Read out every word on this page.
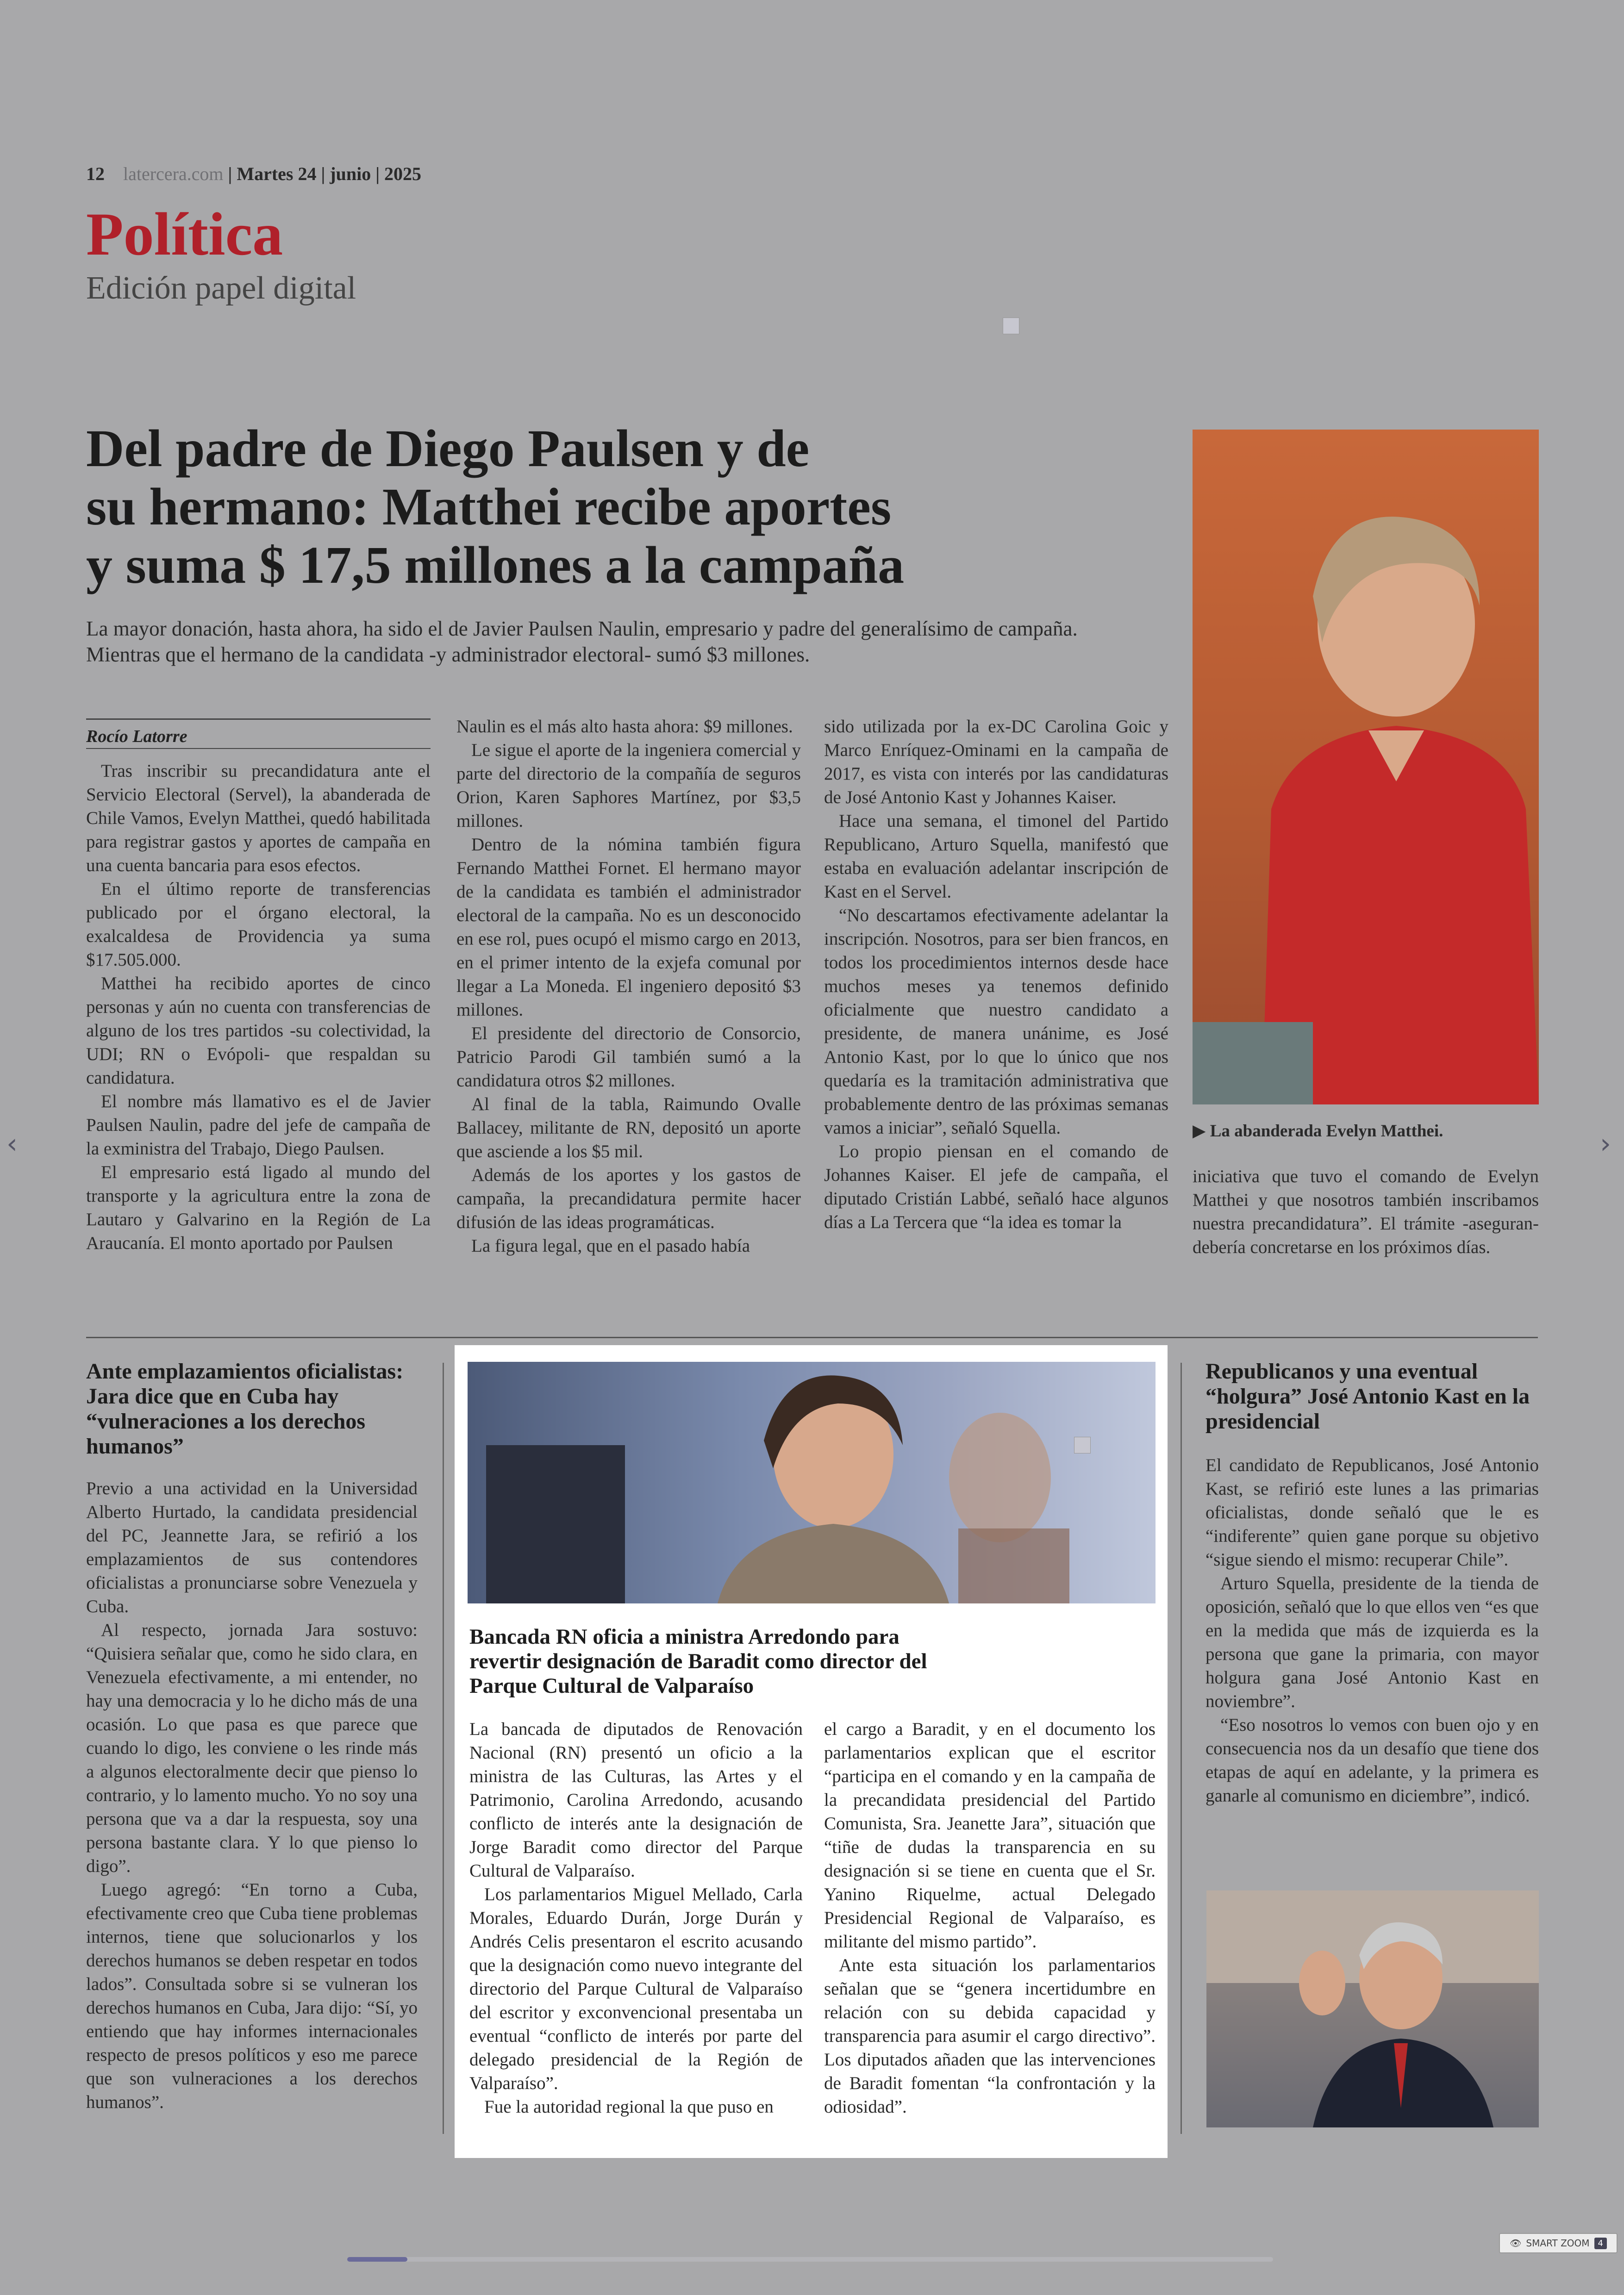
12 latercera.com | Martes 24 | junio | 2025
Política
Edición papel digital
Del padre de Diego Paulsen y de
su hermano: Matthei recibe aportes
y suma $ 17,5 millones a la campaña
La mayor donación, hasta ahora, ha sido el de Javier Paulsen Naulin, empresario y padre del generalísimo de campaña. Mientras que el hermano de la candidata -y administrador electoral- sumó $3 millones.
Rocío Latorre

Tras inscribir su precandidatura ante el Servicio Electoral (Servel), la abanderada de Chile Vamos, Evelyn Matthei, quedó habilitada para registrar gastos y aportes de campaña en una cuenta bancaria para esos efectos.

En el último reporte de transferencias publicado por el órgano electoral, la exalcaldesa de Providencia ya suma $17.505.000.

Matthei ha recibido aportes de cinco personas y aún no cuenta con transferencias de alguno de los tres partidos -su colectividad, la UDI; RN o Evópoli- que respaldan su candidatura.

El nombre más llamativo es el de Javier Paulsen Naulin, padre del jefe de campaña de la exministra del Trabajo, Diego Paulsen.

El empresario está ligado al mundo del transporte y la agricultura entre la zona de Lautaro y Galvarino en la Región de La Araucanía. El monto aportado por Paulsen

Naulin es el más alto hasta ahora: $9 millones.

Le sigue el aporte de la ingeniera comercial y parte del directorio de la compañía de seguros Orion, Karen Saphores Martínez, por $3,5 millones.

Dentro de la nómina también figura Fernando Matthei Fornet. El hermano mayor de la candidata es también el administrador electoral de la campaña. No es un desconocido en ese rol, pues ocupó el mismo cargo en 2013, en el primer intento de la exjefa comunal por llegar a La Moneda. El ingeniero depositó $3 millones.

El presidente del directorio de Consorcio, Patricio Parodi Gil también sumó a la candidatura otros $2 millones.

Al final de la tabla, Raimundo Ovalle Ballacey, militante de RN, depositó un aporte que asciende a los $5 mil.

Además de los aportes y los gastos de campaña, la precandidatura permite hacer difusión de las ideas programáticas.

La figura legal, que en el pasado había

sido utilizada por la ex-DC Carolina Goic y Marco Enríquez-Ominami en la campaña de 2017, es vista con interés por las candidaturas de José Antonio Kast y Johannes Kaiser.

Hace una semana, el timonel del Partido Republicano, Arturo Squella, manifestó que estaba en evaluación adelantar inscripción de Kast en el Servel.

“No descartamos efectivamente adelantar la inscripción. Nosotros, para ser bien francos, en todos los procedimientos internos desde hace muchos meses ya tenemos definido oficialmente que nuestro candidato a presidente, de manera unánime, es José Antonio Kast, por lo que lo único que nos quedaría es la tramitación administrativa que probablemente dentro de las próximas semanas vamos a iniciar”, señaló Squella.

Lo propio piensan en el comando de Johannes Kaiser. El jefe de campaña, el diputado Cristián Labbé, señaló hace algunos días a La Tercera que “la idea es tomar la

▶ La abanderada Evelyn Matthei.

iniciativa que tuvo el comando de Evelyn Matthei y que nosotros también inscribamos nuestra precandidatura”. El trámite -aseguran- debería concretarse en los próximos días.

Ante emplazamientos oficialistas: Jara dice que en Cuba hay “vulneraciones a los derechos humanos”

Previo a una actividad en la Universidad Alberto Hurtado, la candidata presidencial del PC, Jeannette Jara, se refirió a los emplazamientos de sus contendores oficialistas a pronunciarse sobre Venezuela y Cuba.

Al respecto, jornada Jara sostuvo: “Quisiera señalar que, como he sido clara, en Venezuela efectivamente, a mi entender, no hay una democracia y lo he dicho más de una ocasión. Lo que pasa es que parece que cuando lo digo, les conviene o les rinde más a algunos electoralmente decir que pienso lo contrario, y lo lamento mucho. Yo no soy una persona que va a dar la respuesta, soy una persona bastante clara. Y lo que pienso lo digo”.

Luego agregó: “En torno a Cuba, efectivamente creo que Cuba tiene problemas internos, tiene que solucionarlos y los derechos humanos se deben respetar en todos lados”. Consultada sobre si se vulneran los derechos humanos en Cuba, Jara dijo: “Sí, yo entiendo que hay informes internacionales respecto de presos políticos y eso me parece que son vulneraciones a los derechos humanos”.

Bancada RN oficia a ministra Arredondo para revertir designación de Baradit como director del Parque Cultural de Valparaíso

La bancada de diputados de Renovación Nacional (RN) presentó un oficio a la ministra de las Culturas, las Artes y el Patrimonio, Carolina Arredondo, acusando conflicto de interés ante la designación de Jorge Baradit como director del Parque Cultural de Valparaíso.

Los parlamentarios Miguel Mellado, Carla Morales, Eduardo Durán, Jorge Durán y Andrés Celis presentaron el escrito acusando que la designación como nuevo integrante del directorio del Parque Cultural de Valparaíso del escritor y exconvencional presentaba un eventual “conflicto de interés por parte del delegado presidencial de la Región de Valparaíso”.

Fue la autoridad regional la que puso en

el cargo a Baradit, y en el documento los parlamentarios explican que el escritor “participa en el comando y en la campaña de la precandidata presidencial del Partido Comunista, Sra. Jeanette Jara”, situación que “tiñe de dudas la transparencia en su designación si se tiene en cuenta que el Sr. Yanino Riquelme, actual Delegado Presidencial Regional de Valparaíso, es militante del mismo partido”.

Ante esta situación los parlamentarios señalan que se “genera incertidumbre en relación con su debida capacidad y transparencia para asumir el cargo directivo”. Los diputados añaden que las intervenciones de Baradit fomentan “la confrontación y la odiosidad”.

Republicanos y una eventual “holgura” José Antonio Kast en la presidencial

El candidato de Republicanos, José Antonio Kast, se refirió este lunes a las primarias oficialistas, donde señaló que le es “indiferente” quien gane porque su objetivo “sigue siendo el mismo: recuperar Chile”.

Arturo Squella, presidente de la tienda de oposición, señaló que lo que ellos ven “es que en la medida que más de izquierda es la persona que gane la primaria, con mayor holgura gana José Antonio Kast en noviembre”.

“Eso nosotros lo vemos con buen ojo y en consecuencia nos da un desafío que tiene dos etapas de aquí en adelante, y la primera es ganarle al comunismo en diciembre”, indicó.

‹	›
👁 SMART ZOOM	4
